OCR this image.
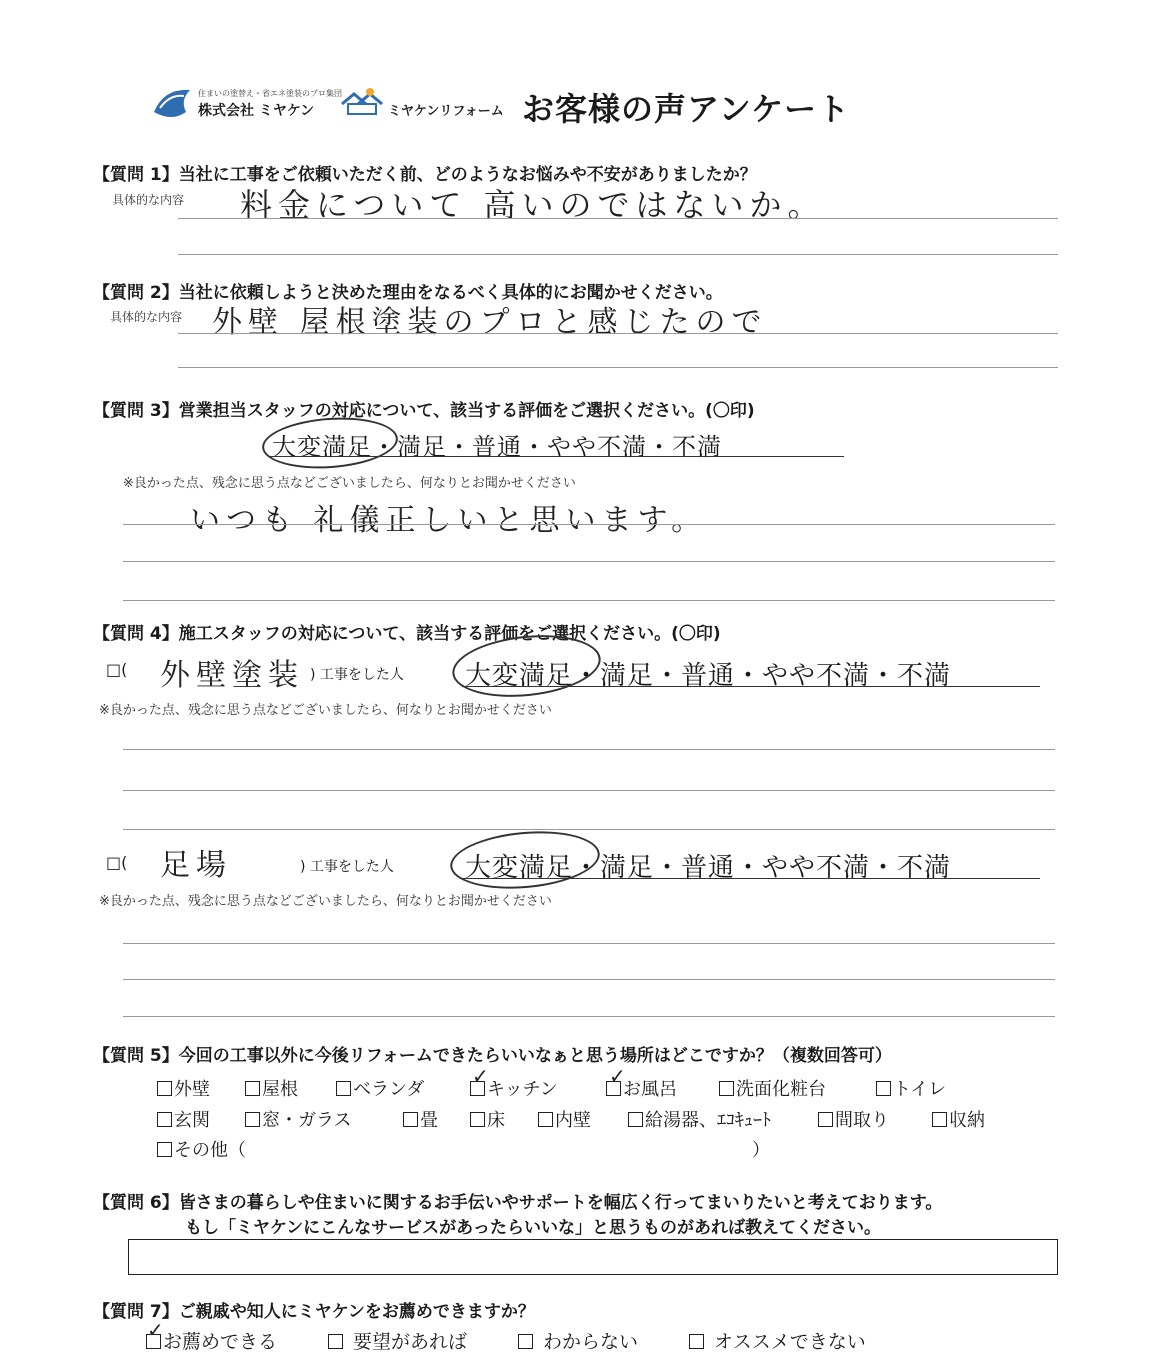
住まいの塗替え・省エネ塗装のプロ集団
株式会社 ミヤケン	ミヤケンリフォーム お客様の声アンケート
【質問 1】当社に工事をご依頼いただく前、どのようなお悩みや不安がありましたか？
具体的な内容 料金について 高いのではないか。
【質問 2】当社に依頼しようと決めた理由をなるべく具体的にお聞かせください。
具体的な内容 外壁 屋根塗装のプロと感じたので
【質問 3】営業担当スタッフの対応について、該当する評価をご選択ください。(〇印)
大変満足・満足・普通・やや不満・不満
※良かった点、残念に思う点などございましたら、何なりとお聞かせください
いつも 礼儀正しいと思います。
【質問 4】施工スタッフの対応について、該当する評価をご選択ください。(〇印)
□( 外壁塗装 ) 工事をした人 大変満足・満足・普通・やや不満・不満
※良かった点、残念に思う点などございましたら、何なりとお聞かせください
□( 足場	) 工事をした人	大変満足・満足・普通・やや不満・不満
※良かった点、残念に思う点などございましたら、何なりとお聞かせください
【質問 5】今回の工事以外に今後リフォームできたらいいなぁと思う場所はどこですか？（複数回答可）
外壁	屋根	ベランダ	キッチン	お風呂	洗面化粧台	トイレ
玄関	窓・ガラス	畳	床	内壁	給湯器、ｴｺｷｭｰﾄ	間取り	収納
その他（	）
✓	✓
【質問 6】皆さまの暮らしや住まいに関するお手伝いやサポートを幅広く行ってまいりたいと考えております。
もし「ミヤケンにこんなサービスがあったらいいな」と思うものがあれば教えてください。
【質問 7】ご親戚や知人にミヤケンをお薦めできますか？
お薦めできる	要望があれば	わからない	オススメできない
✓
